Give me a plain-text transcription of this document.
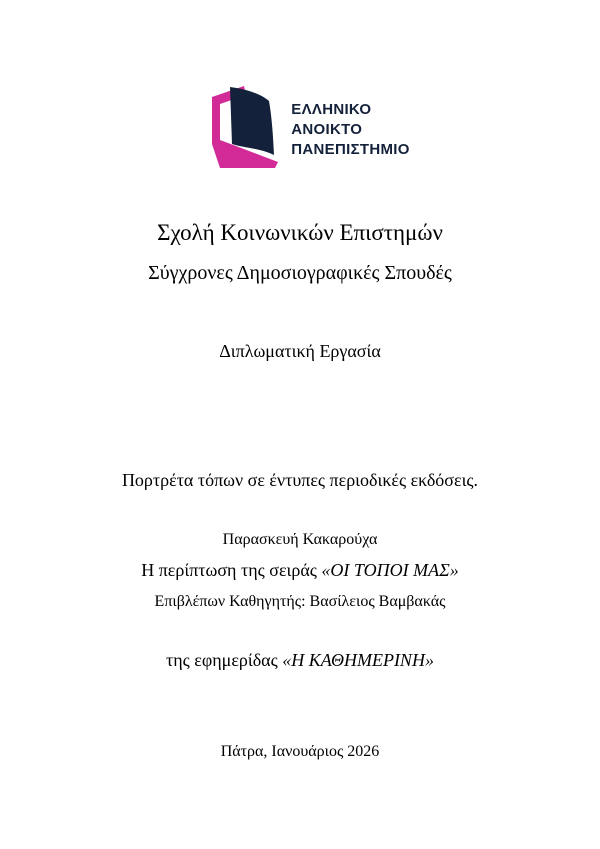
ΕΛΛΗΝΙΚΟ
ΑΝΟΙΚΤΟ
ΠΑΝΕΠΙΣΤΗΜΙΟ
Σχολή Κοινωνικών Επιστημών
Σύγχρονες Δημοσιογραφικές Σπουδές
Διπλωματική Εργασία

Πορτρέτα τόπων σε έντυπες περιοδικές εκδόσεις.

Η περίπτωση της σειράς «ΟΙ ΤΟΠΟΙ ΜΑΣ»

της εφημερίδας «Η ΚΑΘΗΜΕΡΙΝΗ»

Παρασκευή Κακαρούχα
Επιβλέπων Καθηγητής: Βασίλειος Βαμβακάς
Πάτρα, Ιανουάριος 2026
